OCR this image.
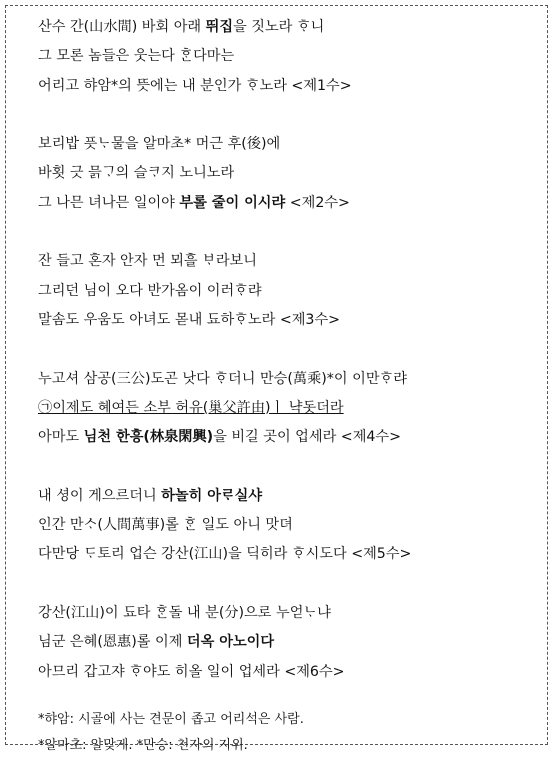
산수 간(山水間) 바회 아래 뛰집을 짓노라 ᄒᆞ니
그 모론 놈들은 웃는다 ᄒᆞᆫ다마는
어리고 햐암*의 뜻에는 내 분인가 ᄒᆞ노라 <제1수>
보리밥 픗ᄂᆞ물을 알마초* 머근 후(後)에
바횟 긋 믉ᄀᆞ의 슬ᄏᆞ지 노니노라
그 나믄 녀나믄 일이야 부롤 줄이 이시랴 <제2수>
잔 들고 혼자 안자 먼 뫼흘 ᄇᆞ라보니
그리던 님이 오다 반가옴이 이러ᄒᆞ랴
말솜도 우움도 아녀도 몯내 됴하ᄒᆞ노라 <제3수>
누고셔 삼공(三公)도곤 낫다 ᄒᆞ더니 만승(萬乘)*이 이만ᄒᆞ랴
㉠이제도 혜여든 소부 허유(巢父許由)ㅣ 냑돗더라
아마도 님천 한흥(林泉閑興)을 비길 곳이 업세라 <제4수>
내 셩이 게으르더니 하놀히 아ᄅᆞ실샤
인간 만ᄉᆞ(人間萬事)롤 ᄒᆞᆫ 일도 아니 맛뎌
다만당 ᄃᆞ토리 업슨 강산(江山)을 딕히라 ᄒᆞ시도다 <제5수>
강산(江山)이 됴타 ᄒᆞᆫ돌 내 분(分)으로 누얻ᄂᆞ냐
님군 은혜(恩惠)롤 이제 더옥 아노이다
아므리 갑고쟈 ᄒᆞ야도 히올 일이 업세라 <제6수>
*햐암: 시골에 사는 견문이 좁고 어리석은 사람.
*알마초: 알맞게. *만승: 천자의 지위.
